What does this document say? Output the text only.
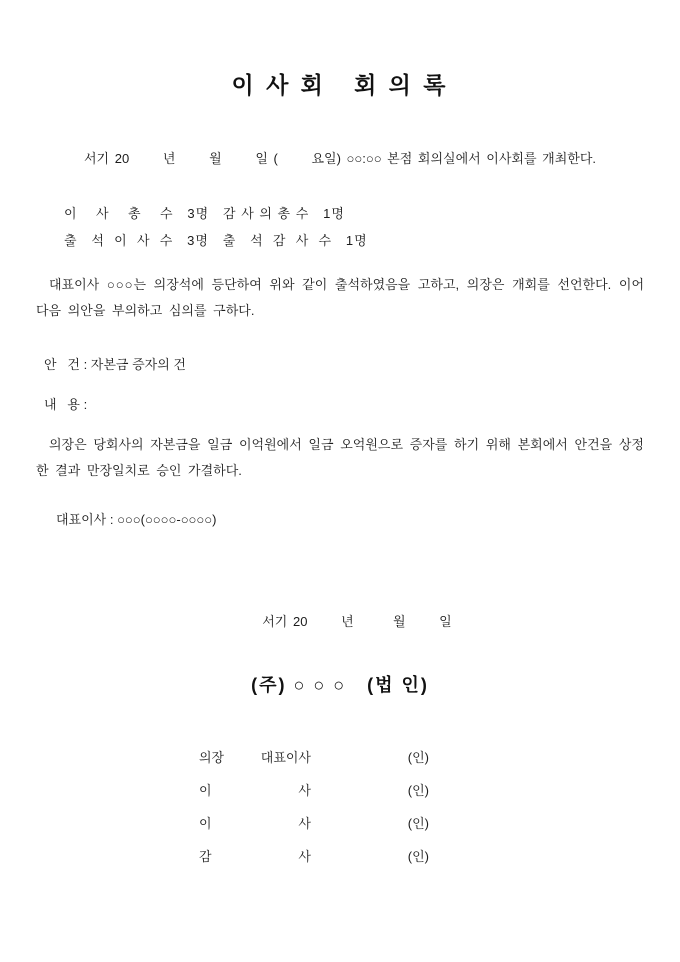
이 사 회   회 의 록
서기 20      년      월      일 (      요일) ○○:○○ 본점 회의실에서 이사회를 개최한다.
이    사    총    수   3명   감 사 의 총 수   1명
출   석  이  사  수   3명   출   석  감  사  수   1명

대표이사 ○○○는 의장석에 등단하여 위와 같이 출석하였음을 고하고, 의장은 개회를 선언한다. 이어 다음 의안을 부의하고 심의를 구하다.

안   건 : 자본금 증자의 건
내   용 :

의장은 당회사의 자본금을 일금 이억원에서 일금 오억원으로 증자를 하기 위해 본회에서 안건을 상정 한 결과 만장일치로 승인 가결하다.

대표이사 : ○○○(○○○○-○○○○)
서기 20      년       월      일
(주) ○ ○ ○   (법 인)
의장 대표이사	(인)
이 사	(인)
이 사	(인)
감 사	(인)
